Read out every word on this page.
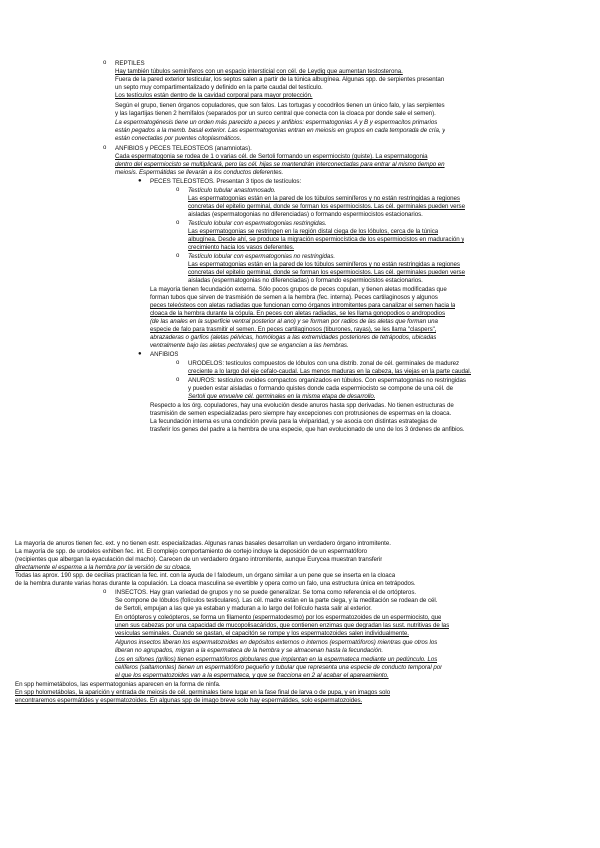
o
o
●
o
o
o
●
o
o
o
REPTILES
Hay también túbulos seminíferos con un espacio intersticial con cél. de Leydig que aumentan testosterona.
Fuera de la pared exterior testicular, los septos salen a partir de la túnica albugínea. Algunas spp. de serpientes presentan
un septo muy compartimentalizado y definido en la parte caudal del testículo.
Los testículos están dentro de la cavidad corporal para mayor protección.
Según el grupo, tienen órganos copuladores, que son falos. Las tortugas y cocodrilos tienen un único falo, y las serpientes
y las lagartijas tienen 2 hemifalos (separados por un surco central que conecta con la cloaca por donde sale el semen).
La espermatogénesis tiene un orden más parecido a peces y anfibios: espermatogonias A y B y espermacitos primarios
están pegados a la memb. basal exterior. Las espermatogonias entran en meiosis en grupos en cada temporada de cría, y
están conectadas por puentes citoplasmáticos.
ANFIBIOS y PECES TELEÓSTEOS (anamniotas).
Cada espermatogonia se rodea de 1 o varias cél. de Sertoli formando un espermiocisto (quiste). La espermatogonia
dentro del espermiocisto se multiplicará, pero las cél. hijas se mantendrán interconectadas para entrar al mismo tiempo en
meiosis. Espermátidas se llevarán a los conductos deferentes.
PECES TELEÓSTEOS. Presentan 3 tipos de testículos:
Testículo tubular anastomosado.
Las espermatogonias están en la pared de los túbulos seminíferos y no están restringidas a regiones
concretas del epitelio germinal, donde se forman los espermiocistos. Las cél. germinales pueden verse
aisladas (espermatogonias no diferenciadas) o formando espermiocistos estacionarios.
Testículo lobular con espermatogonias restringidas.
Las espermatogonias se restringen en la región distal ciega de los lóbulos, cerca de la túnica
albugínea. Desde ahí, se produce la migración espermiocística de los espermiocistos en maduración y
crecimiento hacia los vasos deferentes.
Testículo lobular con espermatogonias no restringidas.
Las espermatogonias están en la pared de los túbulos seminíferos y no están restringidas a regiones
concretas del epitelio germinal, donde se forman los espermiocistos. Las cél. germinales pueden verse
aisladas (espermatogonias no diferenciadas) o formando espermiocistos estacionarios.
La mayoría tienen fecundación externa. Sólo pocos grupos de peces copulan, y tienen aletas modificadas que
forman tubos que sirven de trasmisión de semen a la hembra (fec. interna). Peces cartilaginosos y algunos
peces teleósteos con aletas radiadas que funcionan como órganos intromitentes para canalizar el semen hacia la
cloaca de la hembra durante la cópula. En peces con aletas radiadas, se les llama gonopodios o andropodios
(de las anales en la superficie ventral posterior al ano) y se forman por radios de las aletas que forman una
especie de falo para trasmitir el semen. En peces cartilaginosos (tiburones, rayas), se les llama "claspers",
abrazaderas o garfios (aletas pélvicas, homólogas a las extremidades posteriores de tetrápodos, ubicadas
ventralmente bajo las aletas pectorales) que se engancian a las hembras.
ANFIBIOS
URODELOS: testículos compuestos de lóbulos con una distrib. zonal de cél. germinales de madurez
creciente a lo largo del eje cefalo-caudal. Las menos maduras en la cabeza, las viejas en la parte caudal.
ANUROS: testículos ovoides compactos organizados en túbulos. Con espermatogonias no restringidas
y pueden estar aisladas o formando quistes donde cada espermiocisto se compone de una cél. de
Sertoli que envuelve cél. germinales en la misma etapa de desarrollo.
Respecto a los órg. copuladores, hay una evolución desde anuros hasta spp derivadas. No tienen estructuras de
trasmisión de semen especializadas pero siempre hay excepciones con protrusiones de espermas en la cloaca.
La fecundación interna es una condición previa para la viviparidad, y se asocia con distintas estrategias de
trasferir los genes del padre a la hembra de una especie, que han evolucionado de uno de los 3 órdenes de anfibios.
La mayoría de anuros tienen fec. ext. y no tienen estr. especializadas. Algunas ranas basales desarrollan un verdadero órgano intromitente.
La mayoría de spp. de urodelos exhiben fec. int. El complejo comportamiento de cortejo incluye la deposición de un espermatóforo
(recipientes que albergan la eyaculación del macho). Carecen de un verdadero órgano intromitente, aunque Eurycea muestran transferir
directamente el esperma a la hembra por la versión de su cloaca.
Todas las aprox. 190 spp. de cecilias practican la fec. int. con la ayuda de l falodeum, un órgano similar a un pene que se inserta en la cloaca
de la hembra durante varias horas durante la copulación. La cloaca masculina se evertible y opera como un falo, una estructura única en tetrápodos.
INSECTOS. Hay gran variedad de grupos y no se puede generalizar. Se toma como referencia el de ortópteros.
Se compone de lóbulos (folículos testiculares). Las cél. madre están en la parte ciega, y la meditación se rodean de cél.
de Sertoli, empujan a las que ya estaban y maduran a lo largo del folículo hasta salir al exterior.
En ortópteros y coleópteros, se forma un filamento (espermatodesmo) por los espermatozoides de un espermiocisto, que
unen sus cabezas por una capacidad de mucopolisacáridos, que contienen enzimas que degradan las sust. nutritivas de las
vesículas seminales. Cuando se gastan, el capacitón se rompe y los espermatozoides salen individualmente.
Algunos insectos liberan los espermatozoides en depósitos externos o internos (espermatóforos) mientras que otros los
liberan no agrupados, migran a la espermateca de la hembra y se almacenan hasta la fecundación.
Los en sifones (grillos) tienen espermatóforos globulares que implantan en la espermateca mediante un pedúnculo. Los
celíferos (saltamontes) tienen un espermatóforo pequeño y tubular que representa una especie de conducto temporal por
el que los espermatozoides van a la espermateca, y que se fracciona en 2 al acabar el apareamiento.
En spp hemimetábolos, las espermatogonias aparecen en la forma de ninfa.
En spp holometábolas, la aparición y entrada de meiosis de cél. germinales tiene lugar en la fase final de larva o de pupa, y en imagos solo
encontraremos espermátides y espermatozoides. En algunas spp de imago breve solo hay espermátides, solo espermatozoides.
